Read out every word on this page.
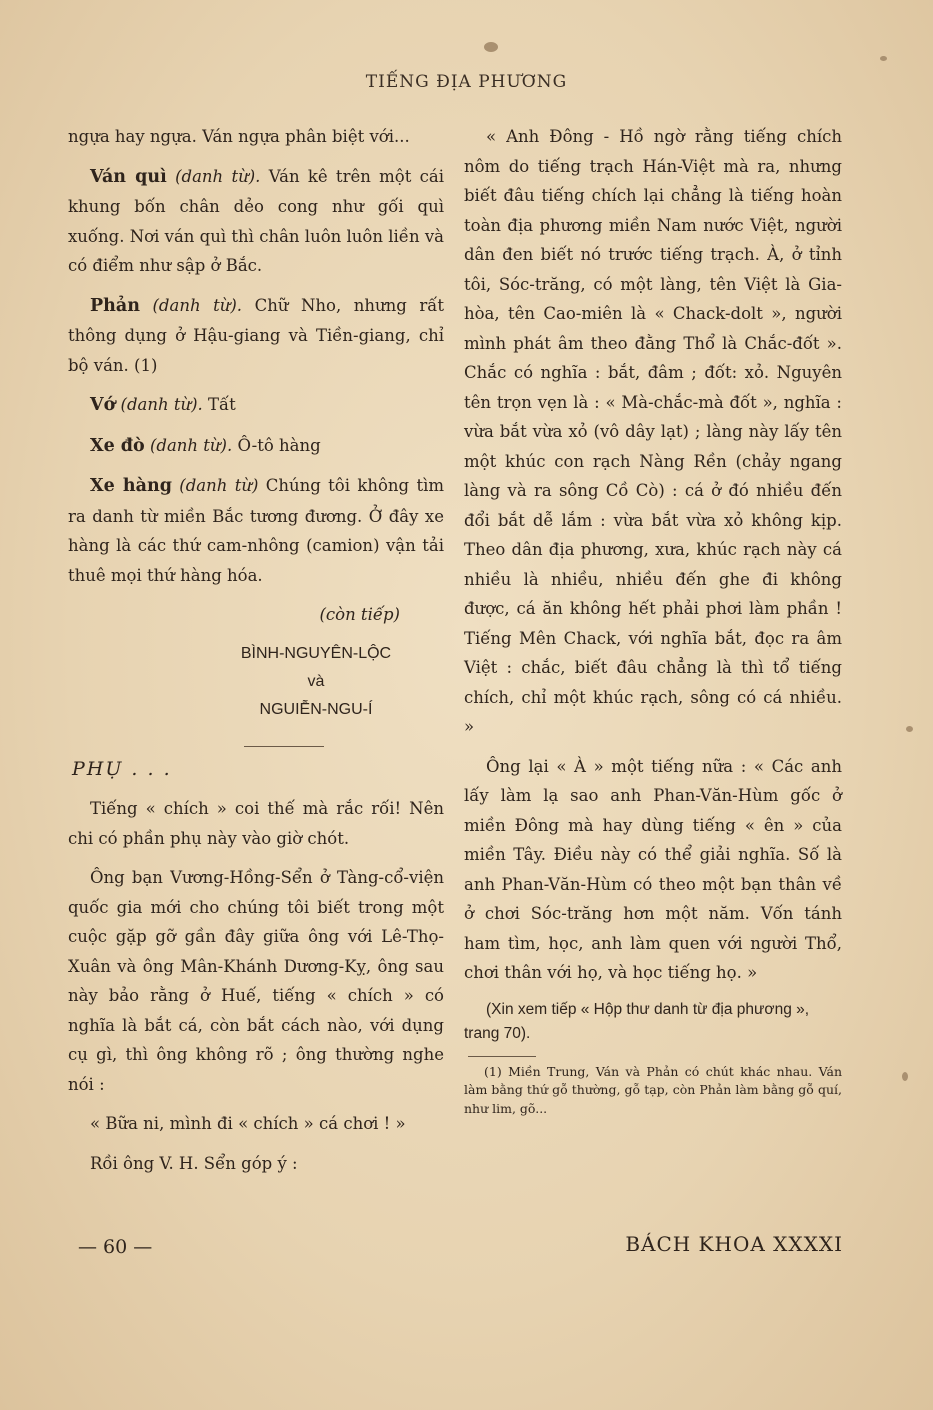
TIẾNG ĐỊA PHƯƠNG

ngựa hay ngựa. Ván ngựa phân biệt với...

Ván quì (danh từ). Ván kê trên một cái khung bốn chân dẻo cong như gối quì xuống. Nơi ván quì thì chân luôn luôn liền và có điểm như sập ở Bắc.

Phản (danh từ). Chữ Nho, nhưng rất thông dụng ở Hậu-giang và Tiền-giang, chỉ bộ ván. (1)

Vớ (danh từ). Tất

Xe đò (danh từ). Ô-tô hàng

Xe hàng (danh từ) Chúng tôi không tìm ra danh từ miền Bắc tương đương. Ở đây xe hàng là các thứ cam-nhông (camion) vận tải thuê mọi thứ hàng hóa.

(còn tiếp)
BÌNH-NGUYÊN-LỘC
và
NGUIỄN-NGU-Í
PHỤ . . .

Tiếng « chích » coi thế mà rắc rối! Nên chi có phần phụ này vào giờ chót.

Ông bạn Vương-Hồng-Sển ở Tàng-cổ-viện quốc gia mới cho chúng tôi biết trong một cuộc gặp gỡ gần đây giữa ông với Lê-Thọ-Xuân và ông Mân-Khánh Dương-Kỵ, ông sau này bảo rằng ở Huế, tiếng « chích » có nghĩa là bắt cá, còn bắt cách nào, với dụng cụ gì, thì ông không rõ ; ông thường nghe nói :

« Bữa ni, mình đi « chích » cá chơi ! »

Rồi ông V. H. Sển góp ý :

« Anh Đông - Hồ ngờ rằng tiếng chích nôm do tiếng trạch Hán-Việt mà ra, nhưng biết đâu tiếng chích lại chẳng là tiếng hoàn toàn địa phương miền Nam nước Việt, người dân đen biết nó trước tiếng trạch. À, ở tỉnh tôi, Sóc-trăng, có một làng, tên Việt là Gia-hòa, tên Cao-miên là « Chack-dolt », người mình phát âm theo đằng Thổ là Chắc-đốt ». Chắc có nghĩa : bắt, đâm ; đốt: xỏ. Nguyên tên trọn vẹn là : « Mà-chắc-mà đốt », nghĩa : vừa bắt vừa xỏ (vô dây lạt) ; làng này lấy tên một khúc con rạch Nàng Rền (chảy ngang làng và ra sông Cồ Cò) : cá ở đó nhiều đến đổi bắt dễ lắm : vừa bắt vừa xỏ không kịp. Theo dân địa phương, xưa, khúc rạch này cá nhiều là nhiều, nhiều đến ghe đi không được, cá ăn không hết phải phơi làm phần ! Tiếng Mên Chack, với nghĩa bắt, đọc ra âm Việt : chắc, biết đâu chẳng là thì tổ tiếng chích, chỉ một khúc rạch, sông có cá nhiều. »

Ông lại « À » một tiếng nữa : « Các anh lấy làm lạ sao anh Phan-Văn-Hùm gốc ở miền Đông mà hay dùng tiếng « ên » của miền Tây. Điều này có thể giải nghĩa. Số là anh Phan-Văn-Hùm có theo một bạn thân về ở chơi Sóc-trăng hơn một năm. Vốn tánh ham tìm, học, anh làm quen với người Thổ, chơi thân với họ, và học tiếng họ. »

(Xin xem tiếp « Hộp thư danh từ địa phương », trang 70).
(1) Miền Trung, Ván và Phản có chút khác nhau. Ván làm bằng thứ gỗ thường, gỗ tạp, còn Phản làm bằng gỗ quí, như lim, gõ...
— 60 —	BÁCH KHOA XXXXI
